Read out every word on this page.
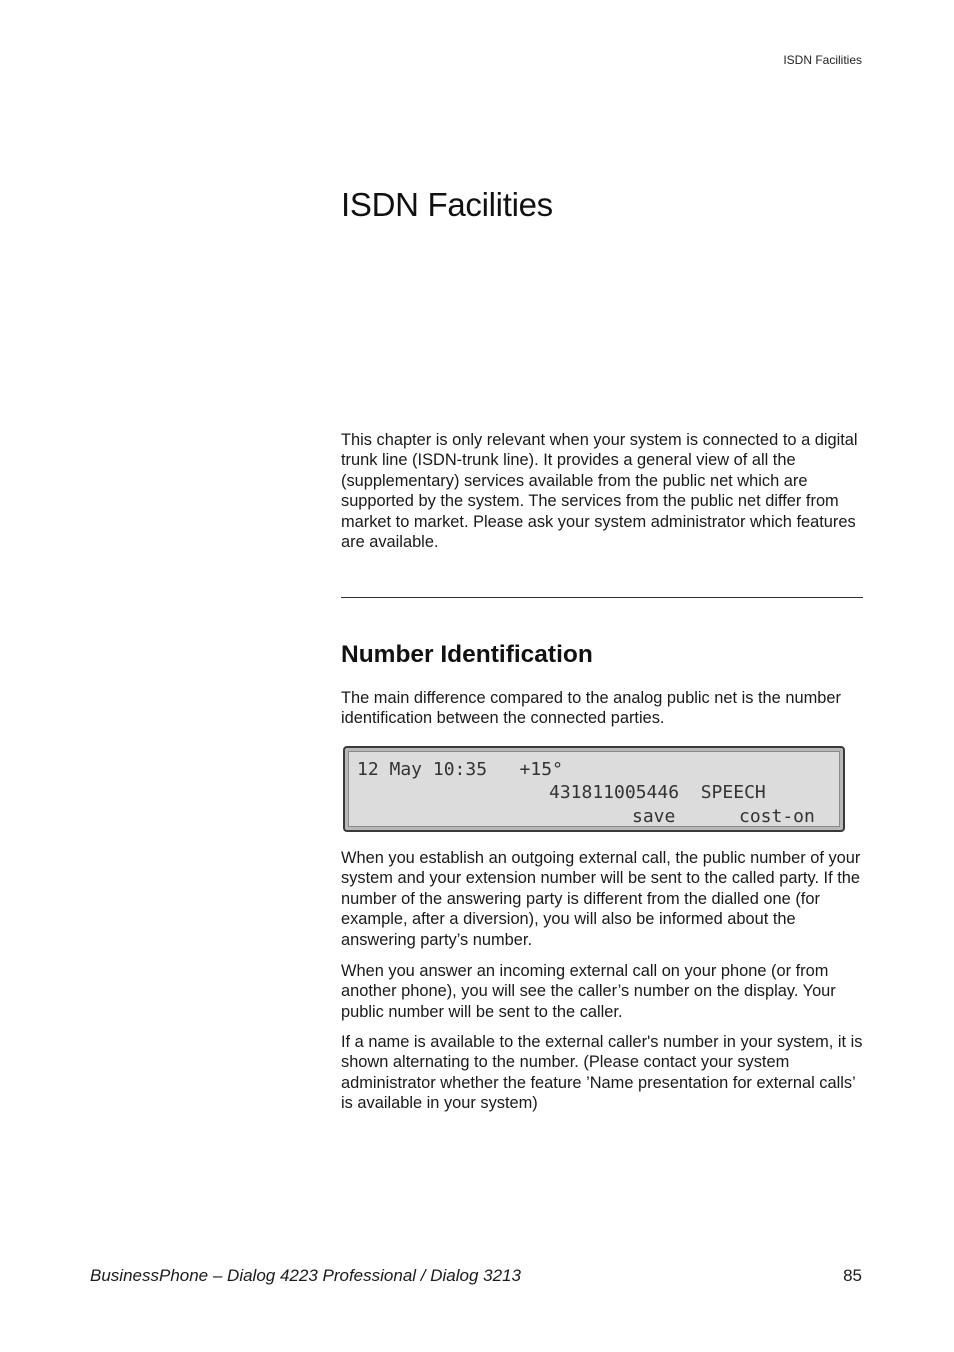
ISDN Facilities
ISDN Facilities

This chapter is only relevant when your system is connected to a digital trunk line (ISDN-trunk line). It provides a general view of all the (supplementary) services available from the public net which are supported by the system. The services from the public net differ from market to market. Please ask your system administrator which features are available.

Number Identification

The main difference compared to the analog public net is the number identification between the connected parties.

12 May 10:35   +15°
431811005446  SPEECH
save	cost-on

When you establish an outgoing external call, the public number of your system and your extension number will be sent to the called party. If the number of the answering party is different from the dialled one (for example, after a diversion), you will also be informed about the answering party’s number.

When you answer an incoming external call on your phone (or from another phone), you will see the caller’s number on the display. Your public number will be sent to the caller.

If a name is available to the external caller's number in your system, it is shown alternating to the number. (Please contact your system administrator whether the feature ’Name presentation for external calls’ is available in your system)

BusinessPhone – Dialog 4223 Professional / Dialog 3213	85
